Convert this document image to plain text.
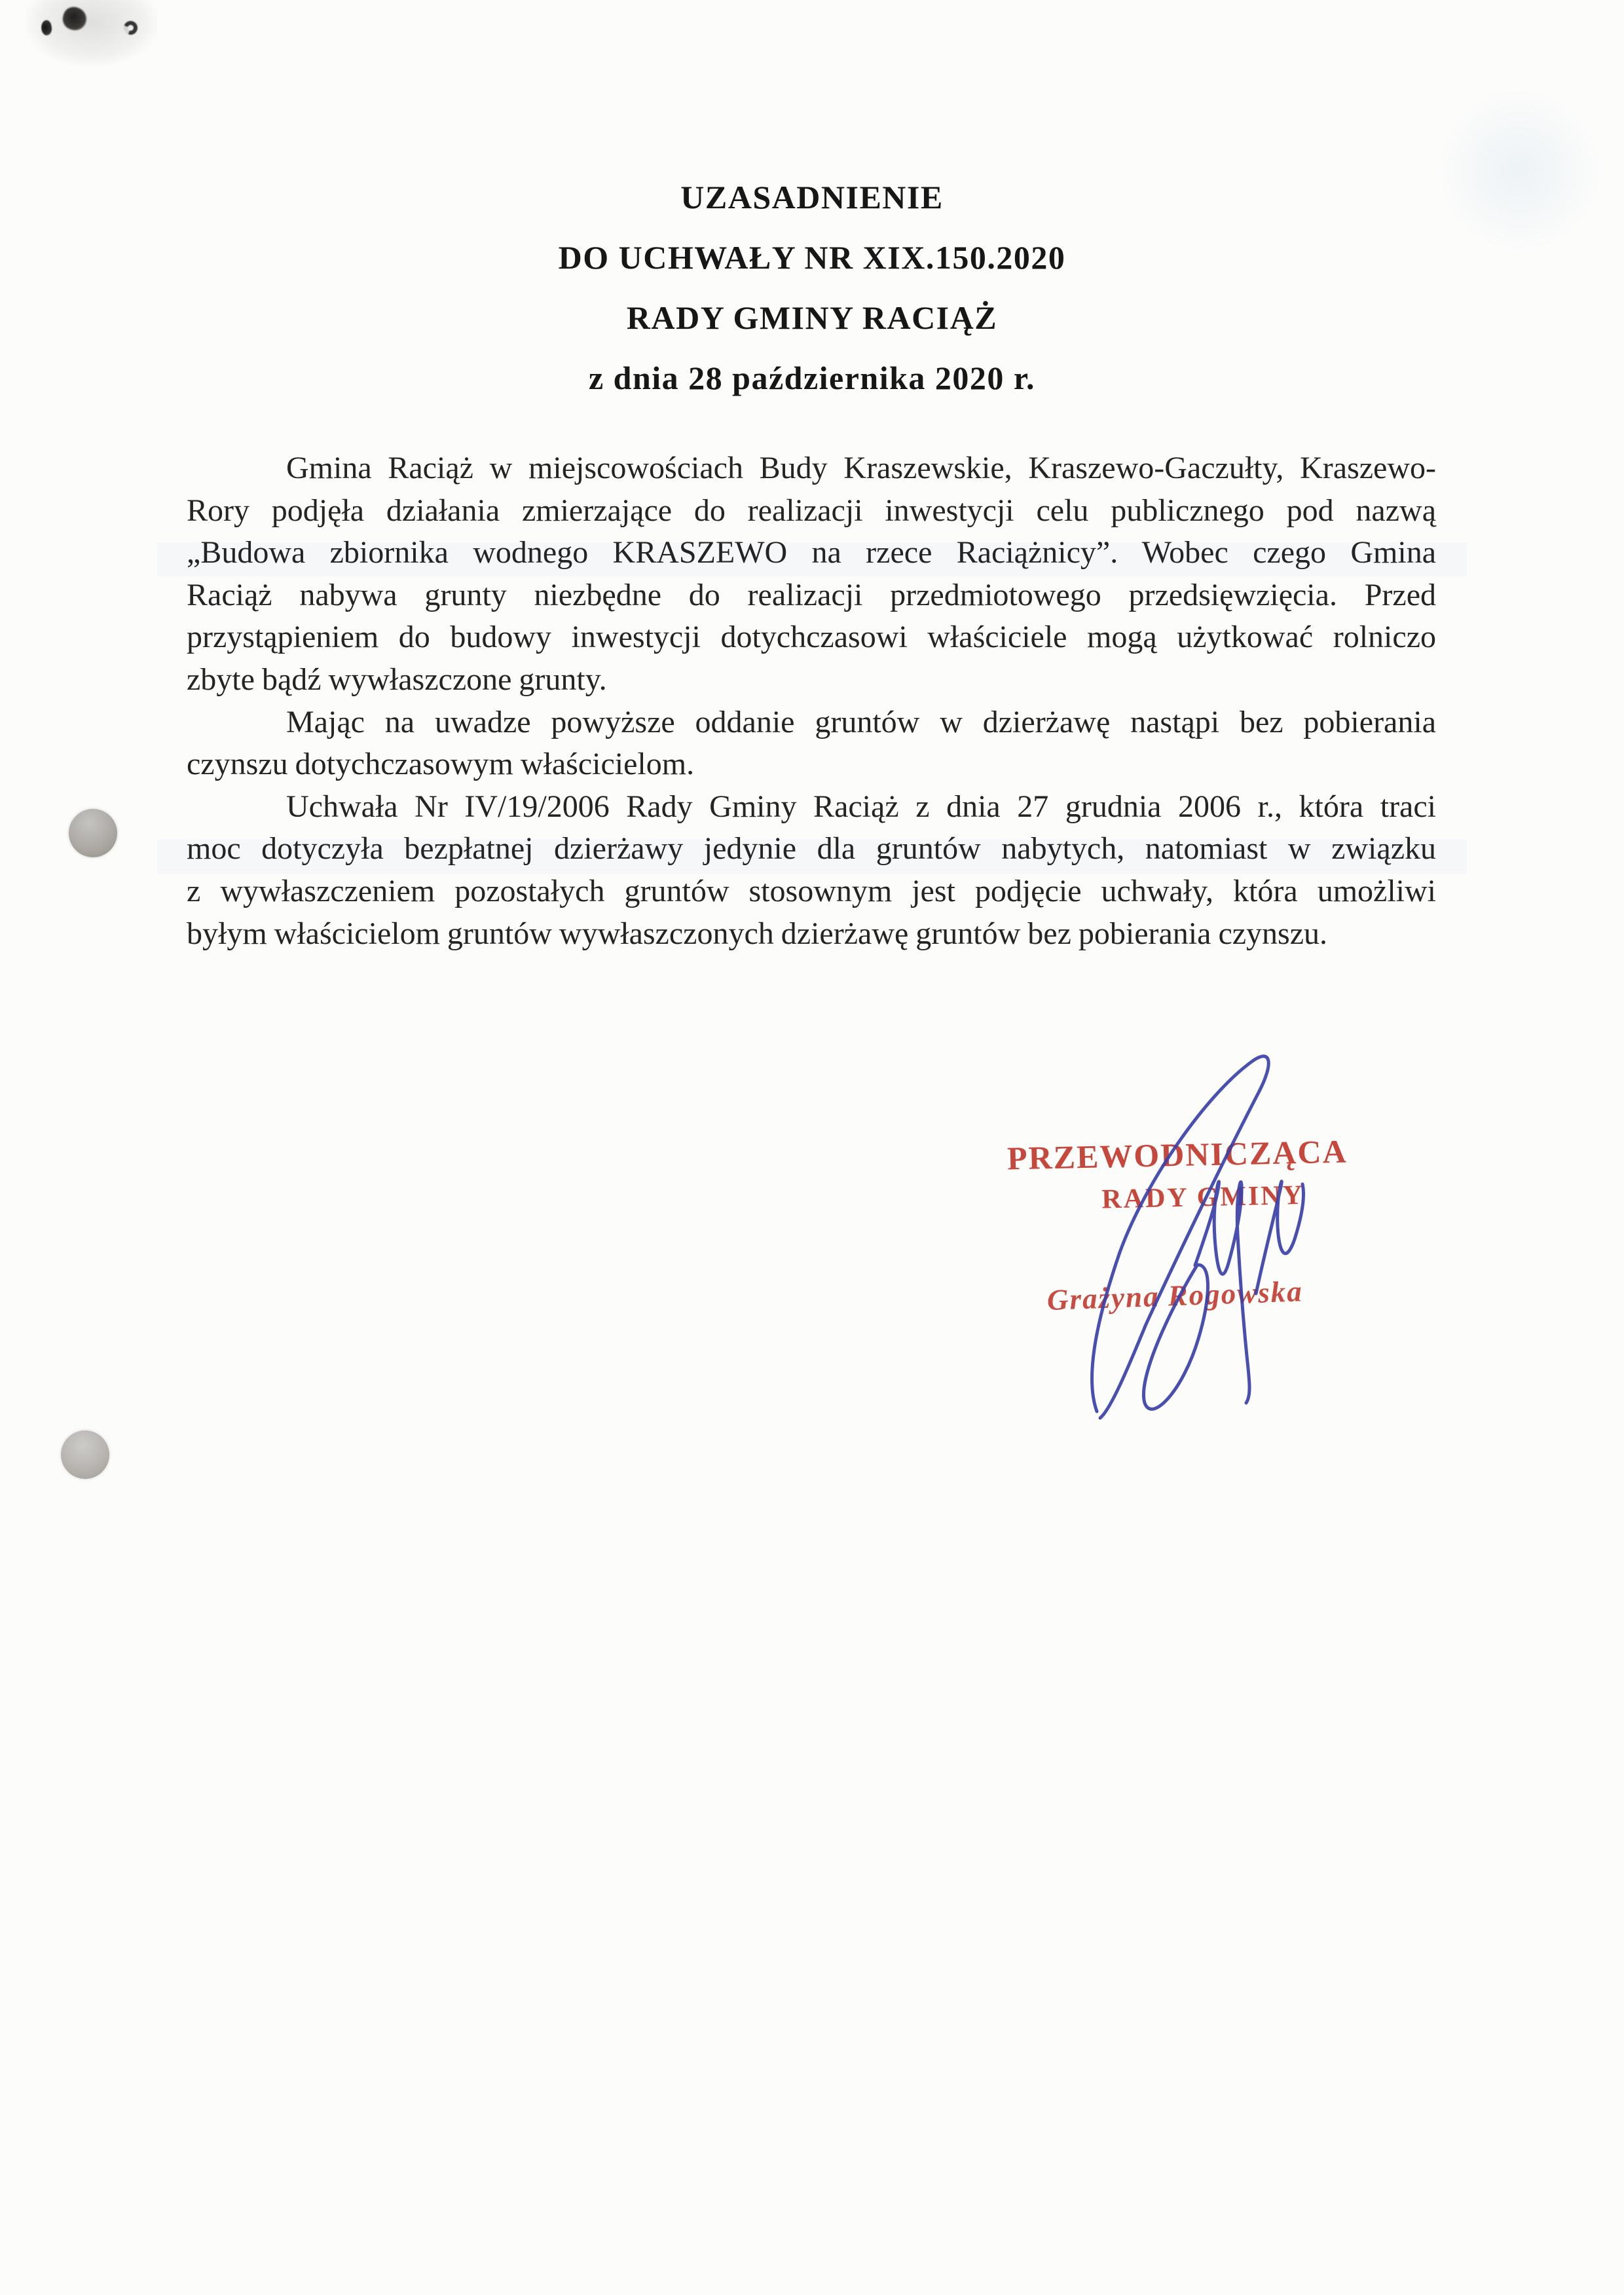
UZASADNIENIE
DO UCHWAŁY NR XIX.150.2020
RADY GMINY RACIĄŻ
z dnia 28 października 2020 r.
Gmina Raciąż w miejscowościach Budy Kraszewskie, Kraszewo-Gaczułty, Kraszewo-
Rory podjęła działania zmierzające do realizacji inwestycji celu publicznego pod nazwą
„Budowa zbiornika wodnego KRASZEWO na rzece Raciążnicy”. Wobec czego Gmina
Raciąż nabywa grunty niezbędne do realizacji przedmiotowego przedsięwzięcia. Przed
przystąpieniem do budowy inwestycji dotychczasowi właściciele mogą użytkować rolniczo
zbyte bądź wywłaszczone grunty.
Mając na uwadze powyższe oddanie gruntów w dzierżawę nastąpi bez pobierania
czynszu dotychczasowym właścicielom.
Uchwała Nr IV/19/2006 Rady Gminy Raciąż z dnia 27 grudnia 2006 r., która traci
moc dotyczyła bezpłatnej dzierżawy jedynie dla gruntów nabytych, natomiast w związku
z wywłaszczeniem pozostałych gruntów stosownym jest podjęcie uchwały, która umożliwi
byłym właścicielom gruntów wywłaszczonych dzierżawę gruntów bez pobierania czynszu.
PRZEWODNICZĄCA
RADY GMINY
Grażyna Rogowska
